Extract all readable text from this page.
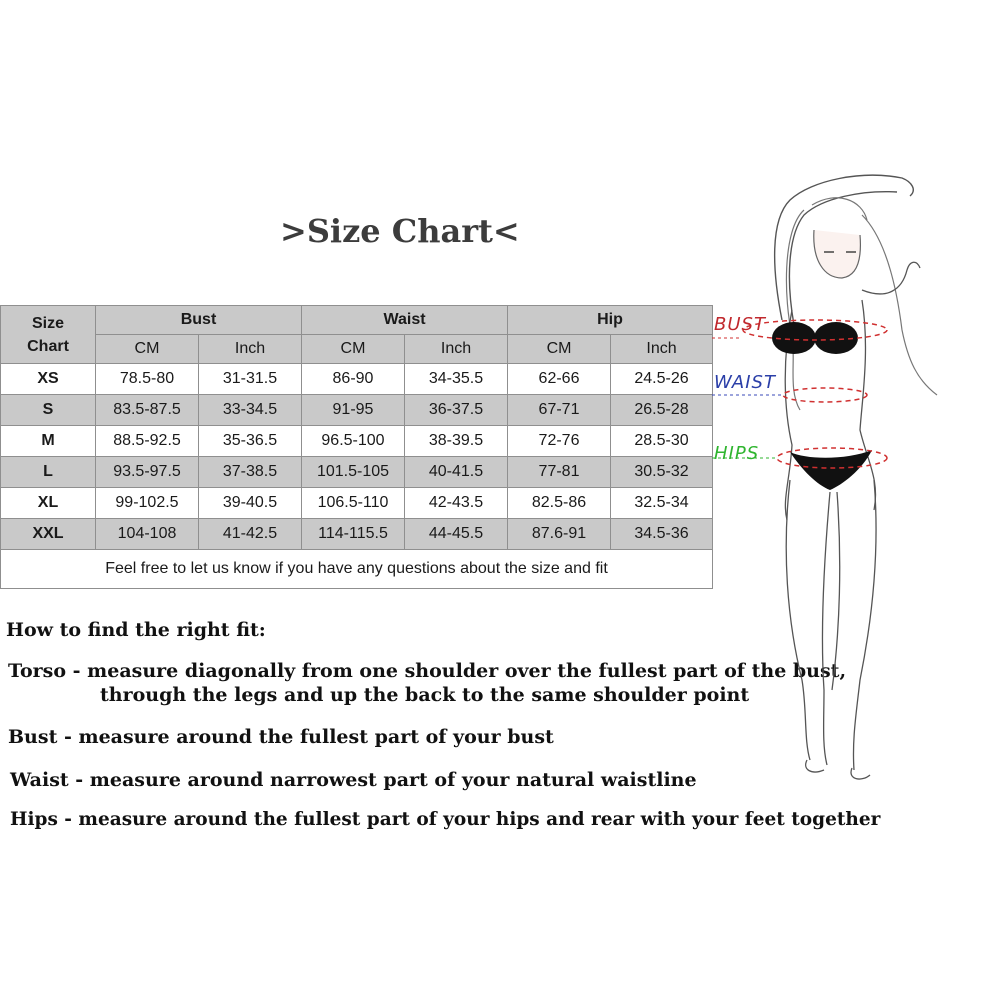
>Size Chart<
Size
Chart	Bust		Waist		Hip	
	CM	Inch	CM	Inch	CM	Inch
XS	78.5-80	31-31.5	86-90	34-35.5	62-66	24.5-26
S	83.5-87.5	33-34.5	91-95	36-37.5	67-71	26.5-28
M	88.5-92.5	35-36.5	96.5-100	38-39.5	72-76	28.5-30
L	93.5-97.5	37-38.5	101.5-105	40-41.5	77-81	30.5-32
XL	99-102.5	39-40.5	106.5-110	42-43.5	82.5-86	32.5-34
XXL	104-108	41-42.5	114-115.5	44-45.5	87.6-91	34.5-36
Feel free to let us know if you have any questions about the size and fit						
How to find the right fit:
Torso - measure diagonally from one shoulder over the fullest part of the bust,
through the legs and up the back to the same shoulder point
Bust - measure around the fullest part of your bust
Waist - measure around narrowest part of your natural waistline
Hips - measure around the fullest part of your hips and rear with your feet together
BUST
WAIST
HIPS
